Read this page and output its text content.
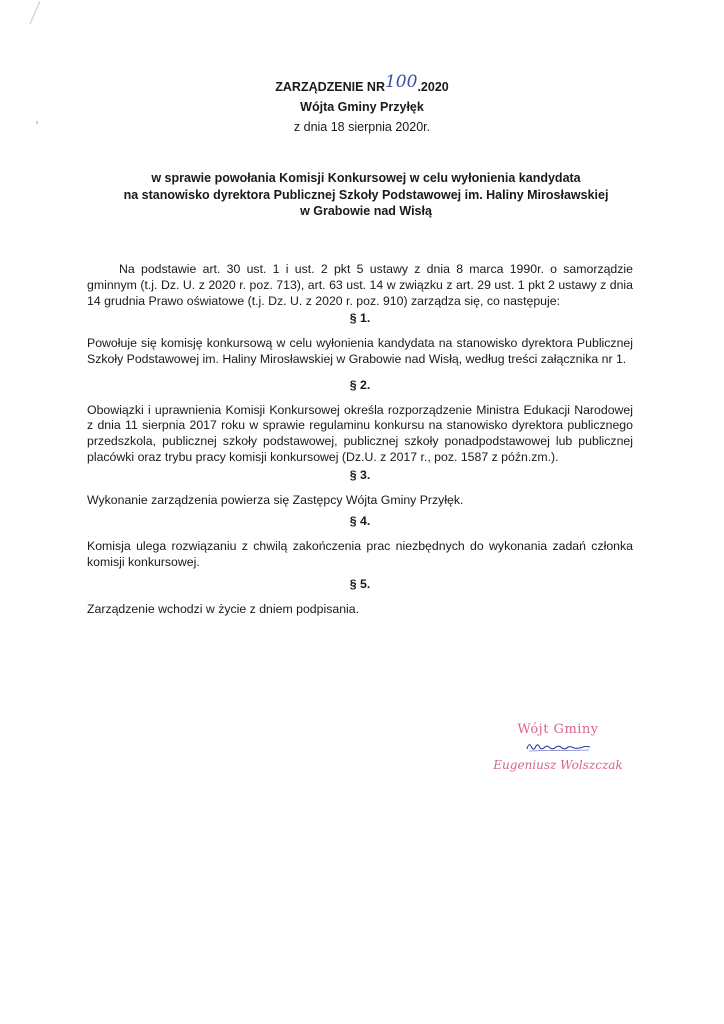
ZARZĄDZENIE NR100.2020

Wójta Gminy Przyłęk

z dnia 18 sierpnia 2020r.

w sprawie powołania Komisji Konkursowej w celu wyłonienia kandydata

na stanowisko dyrektora Publicznej Szkoły Podstawowej im. Haliny Mirosławskiej

w Grabowie nad Wisłą

Na podstawie art. 30 ust. 1 i ust. 2 pkt 5 ustawy z dnia 8 marca 1990r. o samorządzie gminnym (t.j. Dz. U. z 2020 r. poz. 713), art. 63 ust. 14 w związku z art. 29 ust. 1 pkt 2 ustawy z dnia 14 grudnia Prawo oświatowe (t.j. Dz. U. z 2020 r. poz. 910) zarządza się, co następuje:

§ 1.

Powołuje się komisję konkursową w celu wyłonienia kandydata na stanowisko dyrektora Publicznej Szkoły Podstawowej im. Haliny Mirosławskiej w Grabowie nad Wisłą, według treści załącznika nr 1.

§ 2.

Obowiązki i uprawnienia Komisji Konkursowej określa rozporządzenie Ministra Edukacji Narodowej z dnia 11 sierpnia 2017 roku w sprawie regulaminu konkursu na stanowisko dyrektora publicznego przedszkola, publicznej szkoły podstawowej, publicznej szkoły ponadpodstawowej lub publicznej placówki oraz trybu pracy komisji konkursowej (Dz.U. z 2017 r., poz. 1587 z późn.zm.).

§ 3.

Wykonanie zarządzenia powierza się Zastępcy Wójta Gminy Przyłęk.

§ 4.

Komisja ulega rozwiązaniu z chwilą zakończenia prac niezbędnych do wykonania zadań członka komisji konkursowej.

§ 5.

Zarządzenie wchodzi w życie z dniem podpisania.

Wójt Gminy

Eugeniusz Wolszczak
